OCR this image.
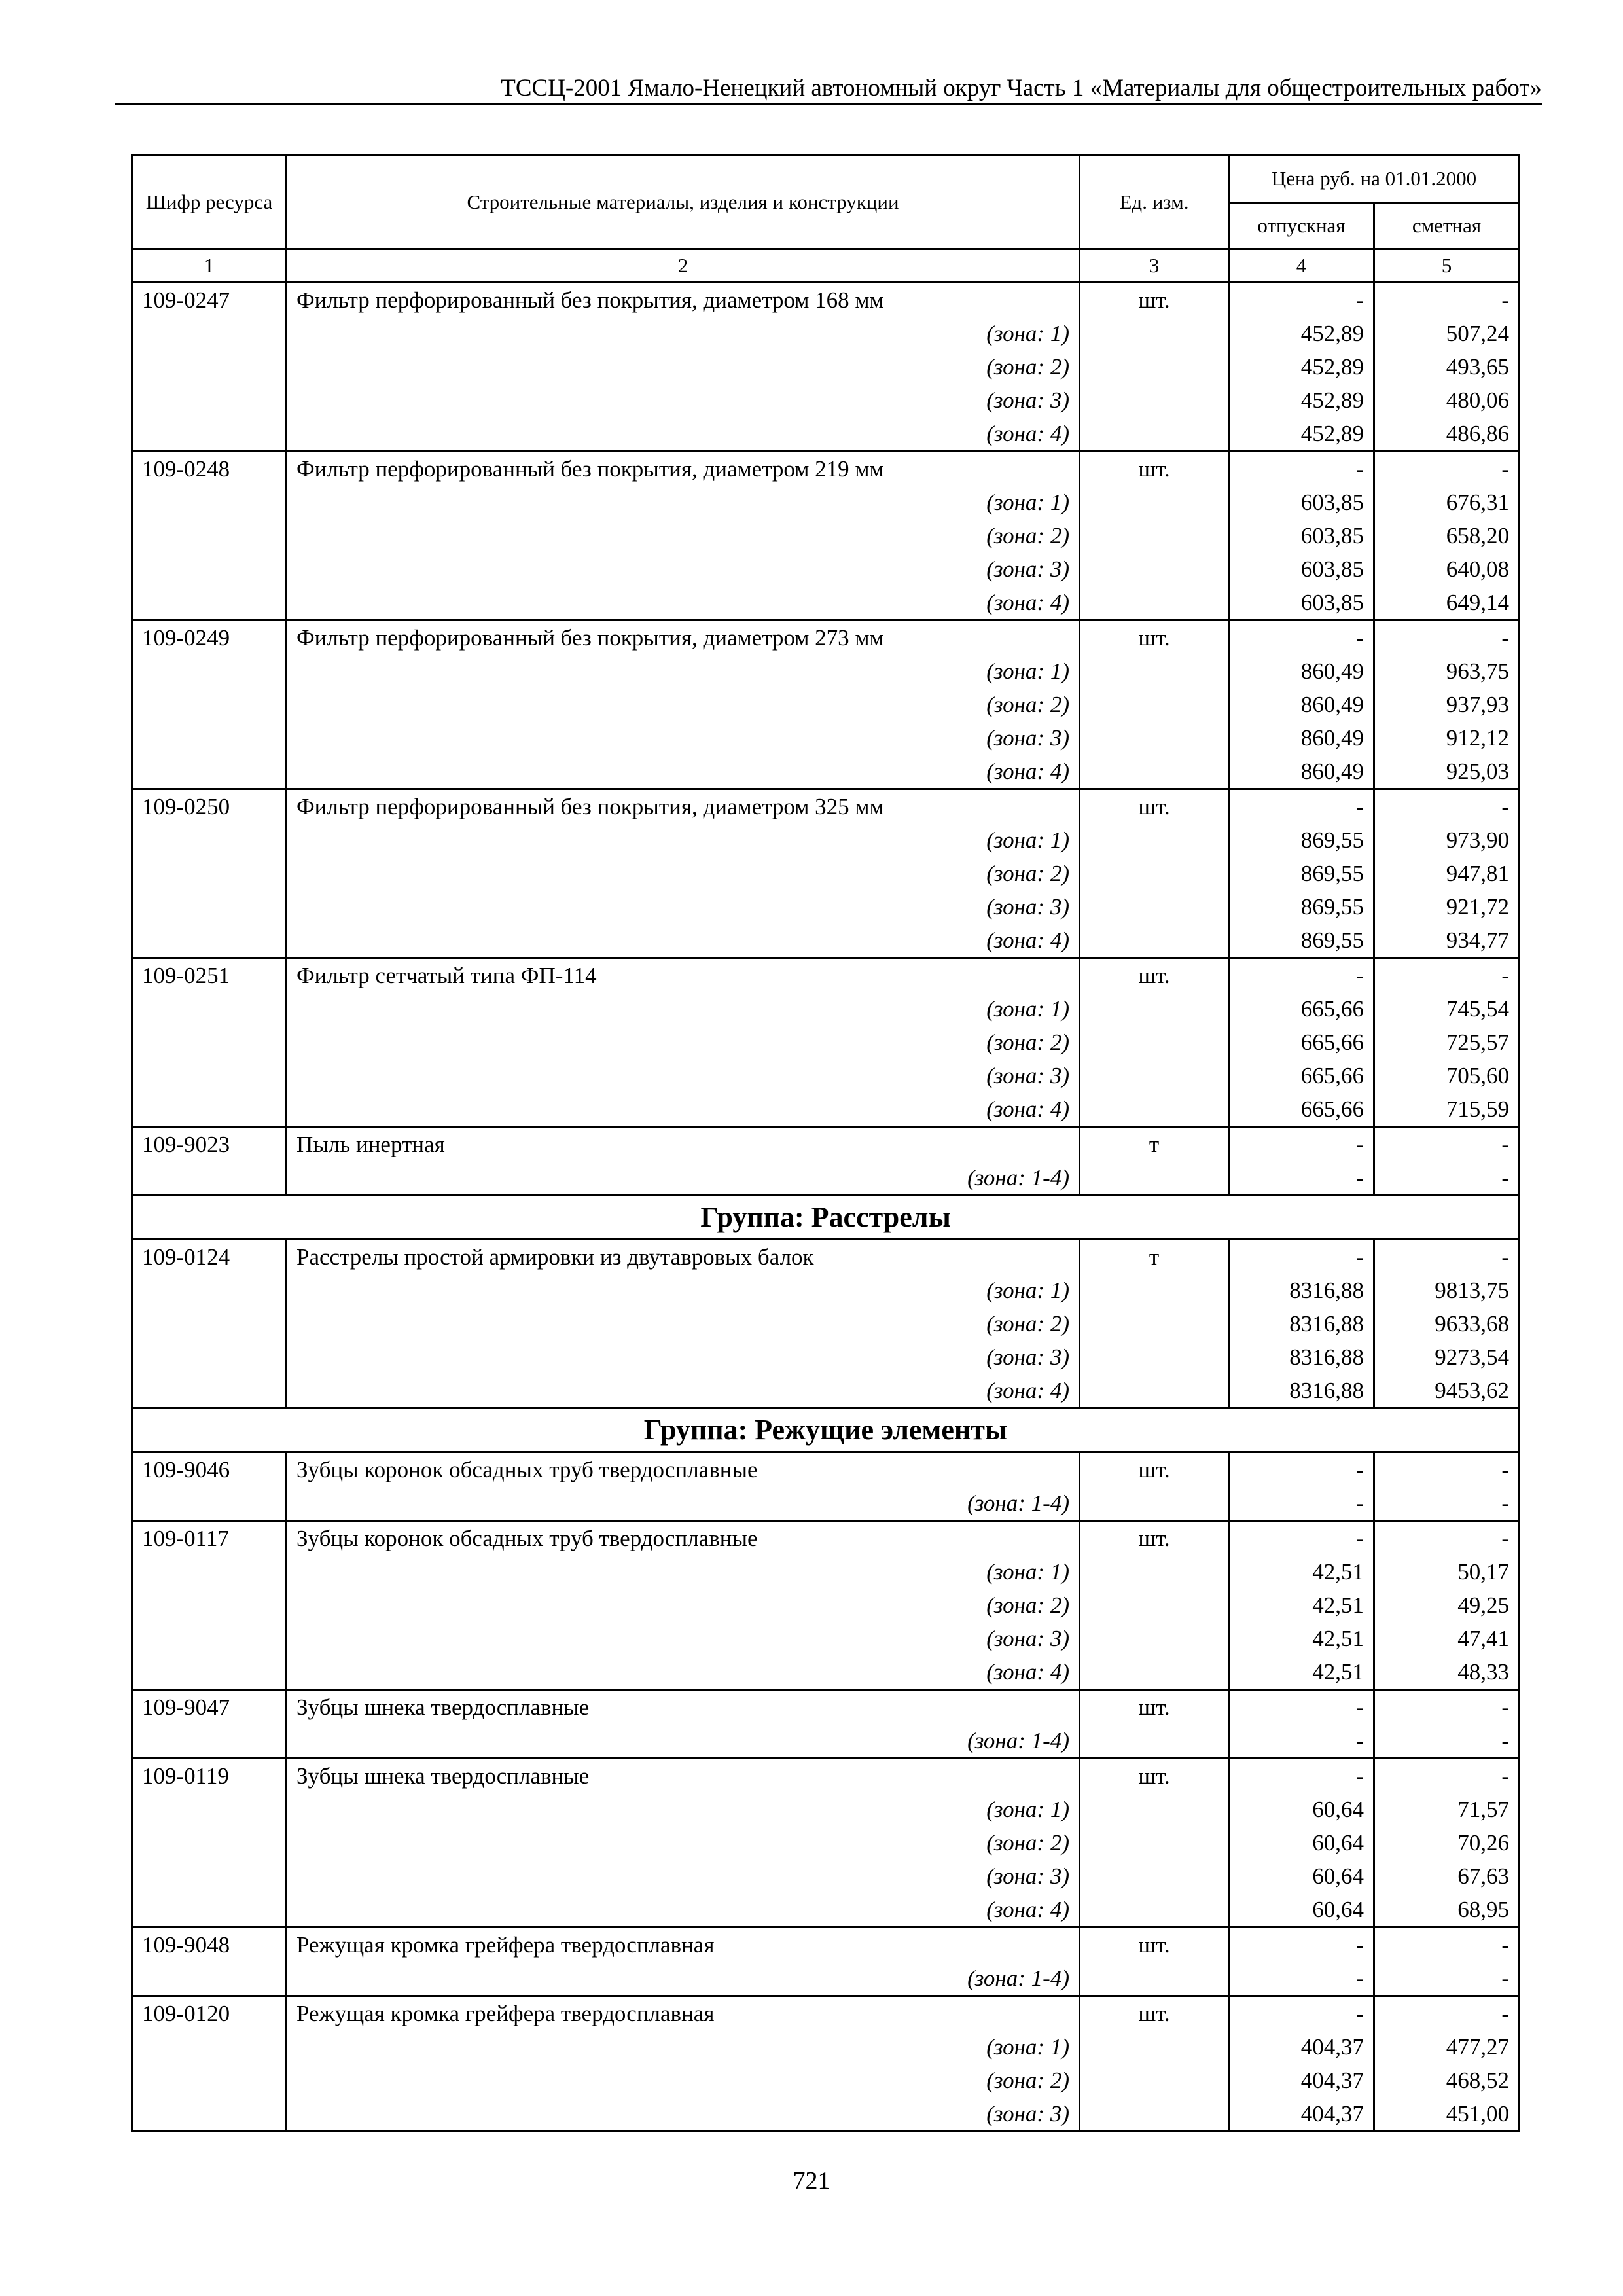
ТССЦ-2001 Ямало-Ненецкий автономный округ Часть 1 «Материалы для общестроительных работ»
Шифр ресурса	Строительные материалы, изделия и конструкции	Ед. изм.	Цена руб. на 01.01.2000	
			отпускная	сметная
1	2	3	4	5
109-0247	Фильтр перфорированный без покрытия, диаметром 168 мм	шт.	-	-
	(зона: 1)		452,89	507,24
	(зона: 2)		452,89	493,65
	(зона: 3)		452,89	480,06
	(зона: 4)		452,89	486,86
109-0248	Фильтр перфорированный без покрытия, диаметром 219 мм	шт.	-	-
	(зона: 1)		603,85	676,31
	(зона: 2)		603,85	658,20
	(зона: 3)		603,85	640,08
	(зона: 4)		603,85	649,14
109-0249	Фильтр перфорированный без покрытия, диаметром 273 мм	шт.	-	-
	(зона: 1)		860,49	963,75
	(зона: 2)		860,49	937,93
	(зона: 3)		860,49	912,12
	(зона: 4)		860,49	925,03
109-0250	Фильтр перфорированный без покрытия, диаметром 325 мм	шт.	-	-
	(зона: 1)		869,55	973,90
	(зона: 2)		869,55	947,81
	(зона: 3)		869,55	921,72
	(зона: 4)		869,55	934,77
109-0251	Фильтр сетчатый типа ФП-114	шт.	-	-
	(зона: 1)		665,66	745,54
	(зона: 2)		665,66	725,57
	(зона: 3)		665,66	705,60
	(зона: 4)		665,66	715,59
109-9023	Пыль инертная	т	-	-
	(зона: 1-4)		-	-
Группа: Расстрелы				
109-0124	Расстрелы простой армировки из двутавровых балок	т	-	-
	(зона: 1)		8316,88	9813,75
	(зона: 2)		8316,88	9633,68
	(зона: 3)		8316,88	9273,54
	(зона: 4)		8316,88	9453,62
Группа: Режущие элементы				
109-9046	Зубцы коронок обсадных труб твердосплавные	шт.	-	-
	(зона: 1-4)		-	-
109-0117	Зубцы коронок обсадных труб твердосплавные	шт.	-	-
	(зона: 1)		42,51	50,17
	(зона: 2)		42,51	49,25
	(зона: 3)		42,51	47,41
	(зона: 4)		42,51	48,33
109-9047	Зубцы шнека твердосплавные	шт.	-	-
	(зона: 1-4)		-	-
109-0119	Зубцы шнека твердосплавные	шт.	-	-
	(зона: 1)		60,64	71,57
	(зона: 2)		60,64	70,26
	(зона: 3)		60,64	67,63
	(зона: 4)		60,64	68,95
109-9048	Режущая кромка грейфера твердосплавная	шт.	-	-
	(зона: 1-4)		-	-
109-0120	Режущая кромка грейфера твердосплавная	шт.	-	-
	(зона: 1)		404,37	477,27
	(зона: 2)		404,37	468,52
	(зона: 3)		404,37	451,00
721
